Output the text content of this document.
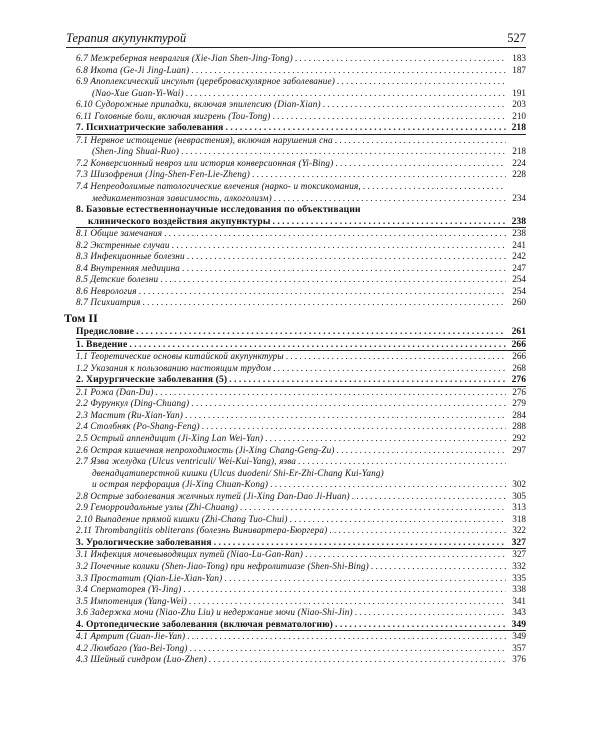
Терапия акупунктурой	527
6.7 Межреберная невралгия (Xie-Jian Shen-Jing-Tong) . . .	183
6.8 Икота (Ge-Ji Jing-Luan) . . .	187
6.9 Апоплексический инсульт (цереброваскулярное заболевание)
. . .
(Nao-Xue Guan-Yi-Wai) . . .	191
6.10 Судорожные припадки, включая эпилепсию (Dian-Xian) . . .	203
6.11 Головные боли, включая мигрень (Tou-Tong) . . .	210
7. Психиатрические заболевания . . .	218
7.1 Нервное истощение (неврастения), включая нарушения сна
. . .
(Shen-Jing Shuai-Ruo) . . .	218
7.2 Конверсионный невроз или история конверсионная (Yi-Bing) . . .	224
7.3 Шизофрения (Jing-Shen-Fen-Lie-Zheng) . . .	228
7.4 Непреодолимые патологические влечения (нарко- и токсикомания,
. . .
медикаментозная зависимость, алкоголизм) . . .	234
8. Базовые естественнонаучные исследования по объективации
клинического воздействия акупунктуры . . .	238
8.1 Общие замечания . . .	238
8.2 Экстренные случаи . . .	241
8.3 Инфекционные болезни . . .	242
8.4 Внутренняя медицина . . .	247
8.5 Детские болезни . . .	254
8.6 Неврология . . .	254
8.7 Психиатрия . . .	260
Том II
Предисловие . . .	261
1. Введение . . .	266
1.1 Теоретические основы китайской акупунктуры . . .	266
1.2 Указания к пользованию настоящим трудом . . .	268
2. Хирургические заболевания (5) . . .	276
2.1 Рожа (Dan-Du) . . .	276
2.2 Фурункул (Ding-Chuang) . . .	279
2.3 Мастит (Ru-Xian-Yan) . . .	284
2.4 Столбняк (Po-Shang-Feng) . . .	288
2.5 Острый аппендицит (Ji-Xing Lan Wei-Yan) . . .	292
2.6 Острая кишечная непроходимость (Ji-Xing Chang-Geng-Zu) . . .	297
2.7 Язва желудка (Ulcus ventriculi/ Wei-Kui-Yang), язва
. . .
двенадцатиперстной кишки (Ulcus duodeni/ Shi-Er-Zhi-Chang Kui-Yang)
и острая перфорация (Ji-Xing Chuan-Kong) . . .	302
2.8 Острые заболевания желчных путей (Ji-Xing Dan-Dao Ji-Huan) . . .	305
2.9 Геморроидальные узлы (Zhi-Chuang) . . .	313
2.10 Выпадение прямой кишки (Zhi-Chang Tuo-Chui) . . .	318
2.11 Thrombangiitis obliterans (болезнь Винивартера-Бюргера) . . .	322
3. Урологические заболевания . . .	327
3.1 Инфекция мочевыводящих путей (Niao-Lu-Gan-Ran) . . .	327
3.2 Почечные колики (Shen-Jiao-Tong) при нефролитиазе (Shen-Shi-Bing) . . .	332
3.3 Простатит (Qian-Lie-Xian-Yan) . . .	335
3.4 Сперматорея (Yi-Jing) . . .	338
3.5 Импотенция (Yang-Wei) . . .	341
3.6 Задержка мочи (Niao-Zhu Liu) и недержание мочи (Niao-Shi-Jin) . . .	343
4. Ортопедические заболевания (включая ревматологию) . . .	349
4.1 Артрит (Guan-Jie-Yan) . . .	349
4.2 Люмбаго (Yao-Bei-Tong) . . .	357
4.3 Шейный синдром (Luo-Zhen) . . .	376
